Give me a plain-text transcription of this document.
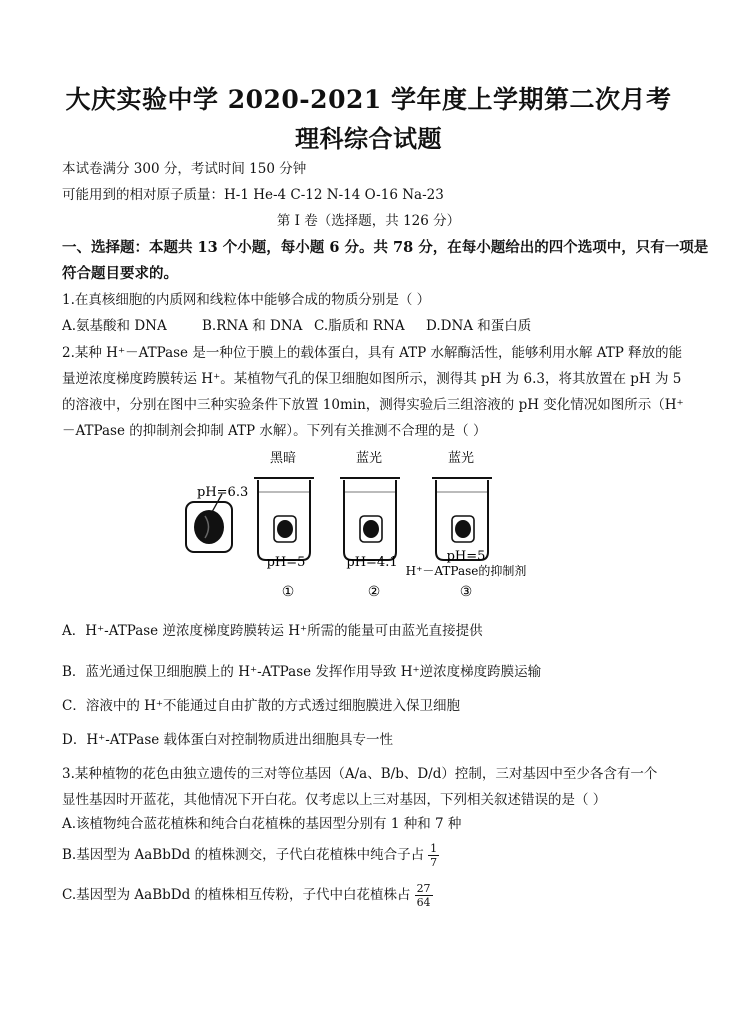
大庆实验中学 2020-2021 学年度上学期第二次月考
理科综合试题
本试卷满分 300 分，考试时间 150 分钟
可能用到的相对原子质量：H-1 He-4 C-12 N-14 O-16 Na-23
第 I 卷（选择题，共 126 分）
一、选择题：本题共 13 个小题，每小题 6 分。共 78 分，在每小题给出的四个选项中，只有一项是
符合题目要求的。
1.在真核细胞的内质网和线粒体中能够合成的物质分别是（ ）
A.氨基酸和 DNA	B.RNA 和 DNA C.脂质和 RNA D.DNA 和蛋白质
2.某种 H⁺－ATPase 是一种位于膜上的载体蛋白，具有 ATP 水解酶活性，能够利用水解 ATP 释放的能
量逆浓度梯度跨膜转运 H⁺。某植物气孔的保卫细胞如图所示，测得其 pH 为 6.3，将其放置在 pH 为 5
的溶液中，分别在图中三种实验条件下放置 10min，测得实验后三组溶液的 pH 变化情况如图所示（H⁺
－ATPase 的抑制剂会抑制 ATP 水解）。下列有关推测不合理的是（ ）
pH=6.3
黑暗
pH=5
①
蓝光
pH=4.1
②
蓝光
pH=5
H⁺－ATPase的抑制剂
③
A．H⁺-ATPase 逆浓度梯度跨膜转运 H⁺所需的能量可由蓝光直接提供
B．蓝光通过保卫细胞膜上的 H⁺-ATPase 发挥作用导致 H⁺逆浓度梯度跨膜运输
C．溶液中的 H⁺不能通过自由扩散的方式透过细胞膜进入保卫细胞
D．H⁺-ATPase 载体蛋白对控制物质进出细胞具专一性
3.某种植物的花色由独立遗传的三对等位基因（A/a、B/b、D/d）控制，三对基因中至少各含有一个
显性基因时开蓝花，其他情况下开白花。仅考虑以上三对基因，下列相关叙述错误的是（ ）
A.该植物纯合蓝花植株和纯合白花植株的基因型分别有 1 种和 7 种
B.基因型为 AaBbDd 的植株测交，子代白花植株中纯合子占 $\frac{1}{7}$
C.基因型为 AaBbDd 的植株相互传粉，子代中白花植株占 $\frac{27}{64}$
